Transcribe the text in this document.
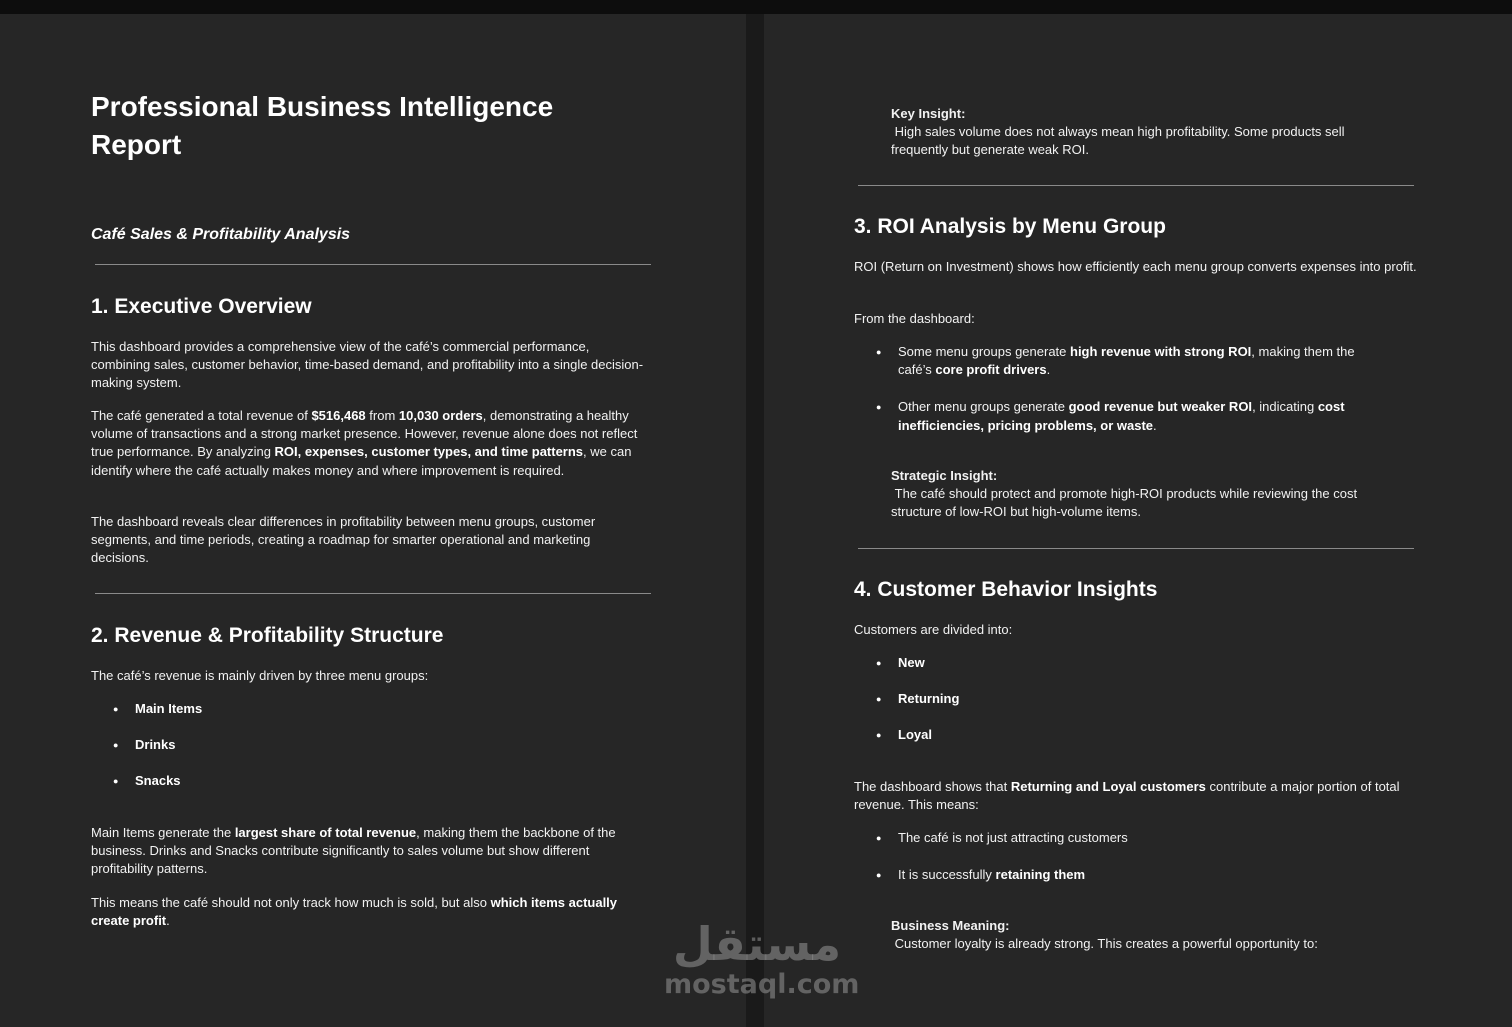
Professional Business Intelligence Report
Café Sales & Profitability Analysis
1. Executive Overview

This dashboard provides a comprehensive view of the café’s commercial performance, combining sales, customer behavior, time-based demand, and profitability into a single decision-making system.

The café generated a total revenue of $516,468 from 10,030 orders, demonstrating a healthy volume of transactions and a strong market presence. However, revenue alone does not reflect true performance. By analyzing ROI, expenses, customer types, and time patterns, we can identify where the café actually makes money and where improvement is required.

The dashboard reveals clear differences in profitability between menu groups, customer segments, and time periods, creating a roadmap for smarter operational and marketing decisions.

2. Revenue & Profitability Structure

The café’s revenue is mainly driven by three menu groups:

● Main Items
● Drinks
● Snacks

Main Items generate the largest share of total revenue, making them the backbone of the business. Drinks and Snacks contribute significantly to sales volume but show different profitability patterns.

This means the café should not only track how much is sold, but also which items actually create profit.

Key Insight:
High sales volume does not always mean high profitability. Some products sell frequently but generate weak ROI.
3. ROI Analysis by Menu Group

ROI (Return on Investment) shows how efficiently each menu group converts expenses into profit.

From the dashboard:

● Some menu groups generate high revenue with strong ROI, making them the café’s core profit drivers.
● Other menu groups generate good revenue but weaker ROI, indicating cost inefficiencies, pricing problems, or waste.
Strategic Insight:
The café should protect and promote high-ROI products while reviewing the cost structure of low-ROI but high-volume items.
4. Customer Behavior Insights

Customers are divided into:

● New
● Returning
● Loyal

The dashboard shows that Returning and Loyal customers contribute a major portion of total revenue. This means:

● The café is not just attracting customers
● It is successfully retaining them
Business Meaning:
Customer loyalty is already strong. This creates a powerful opportunity to:
مستقل
mostaql.com
